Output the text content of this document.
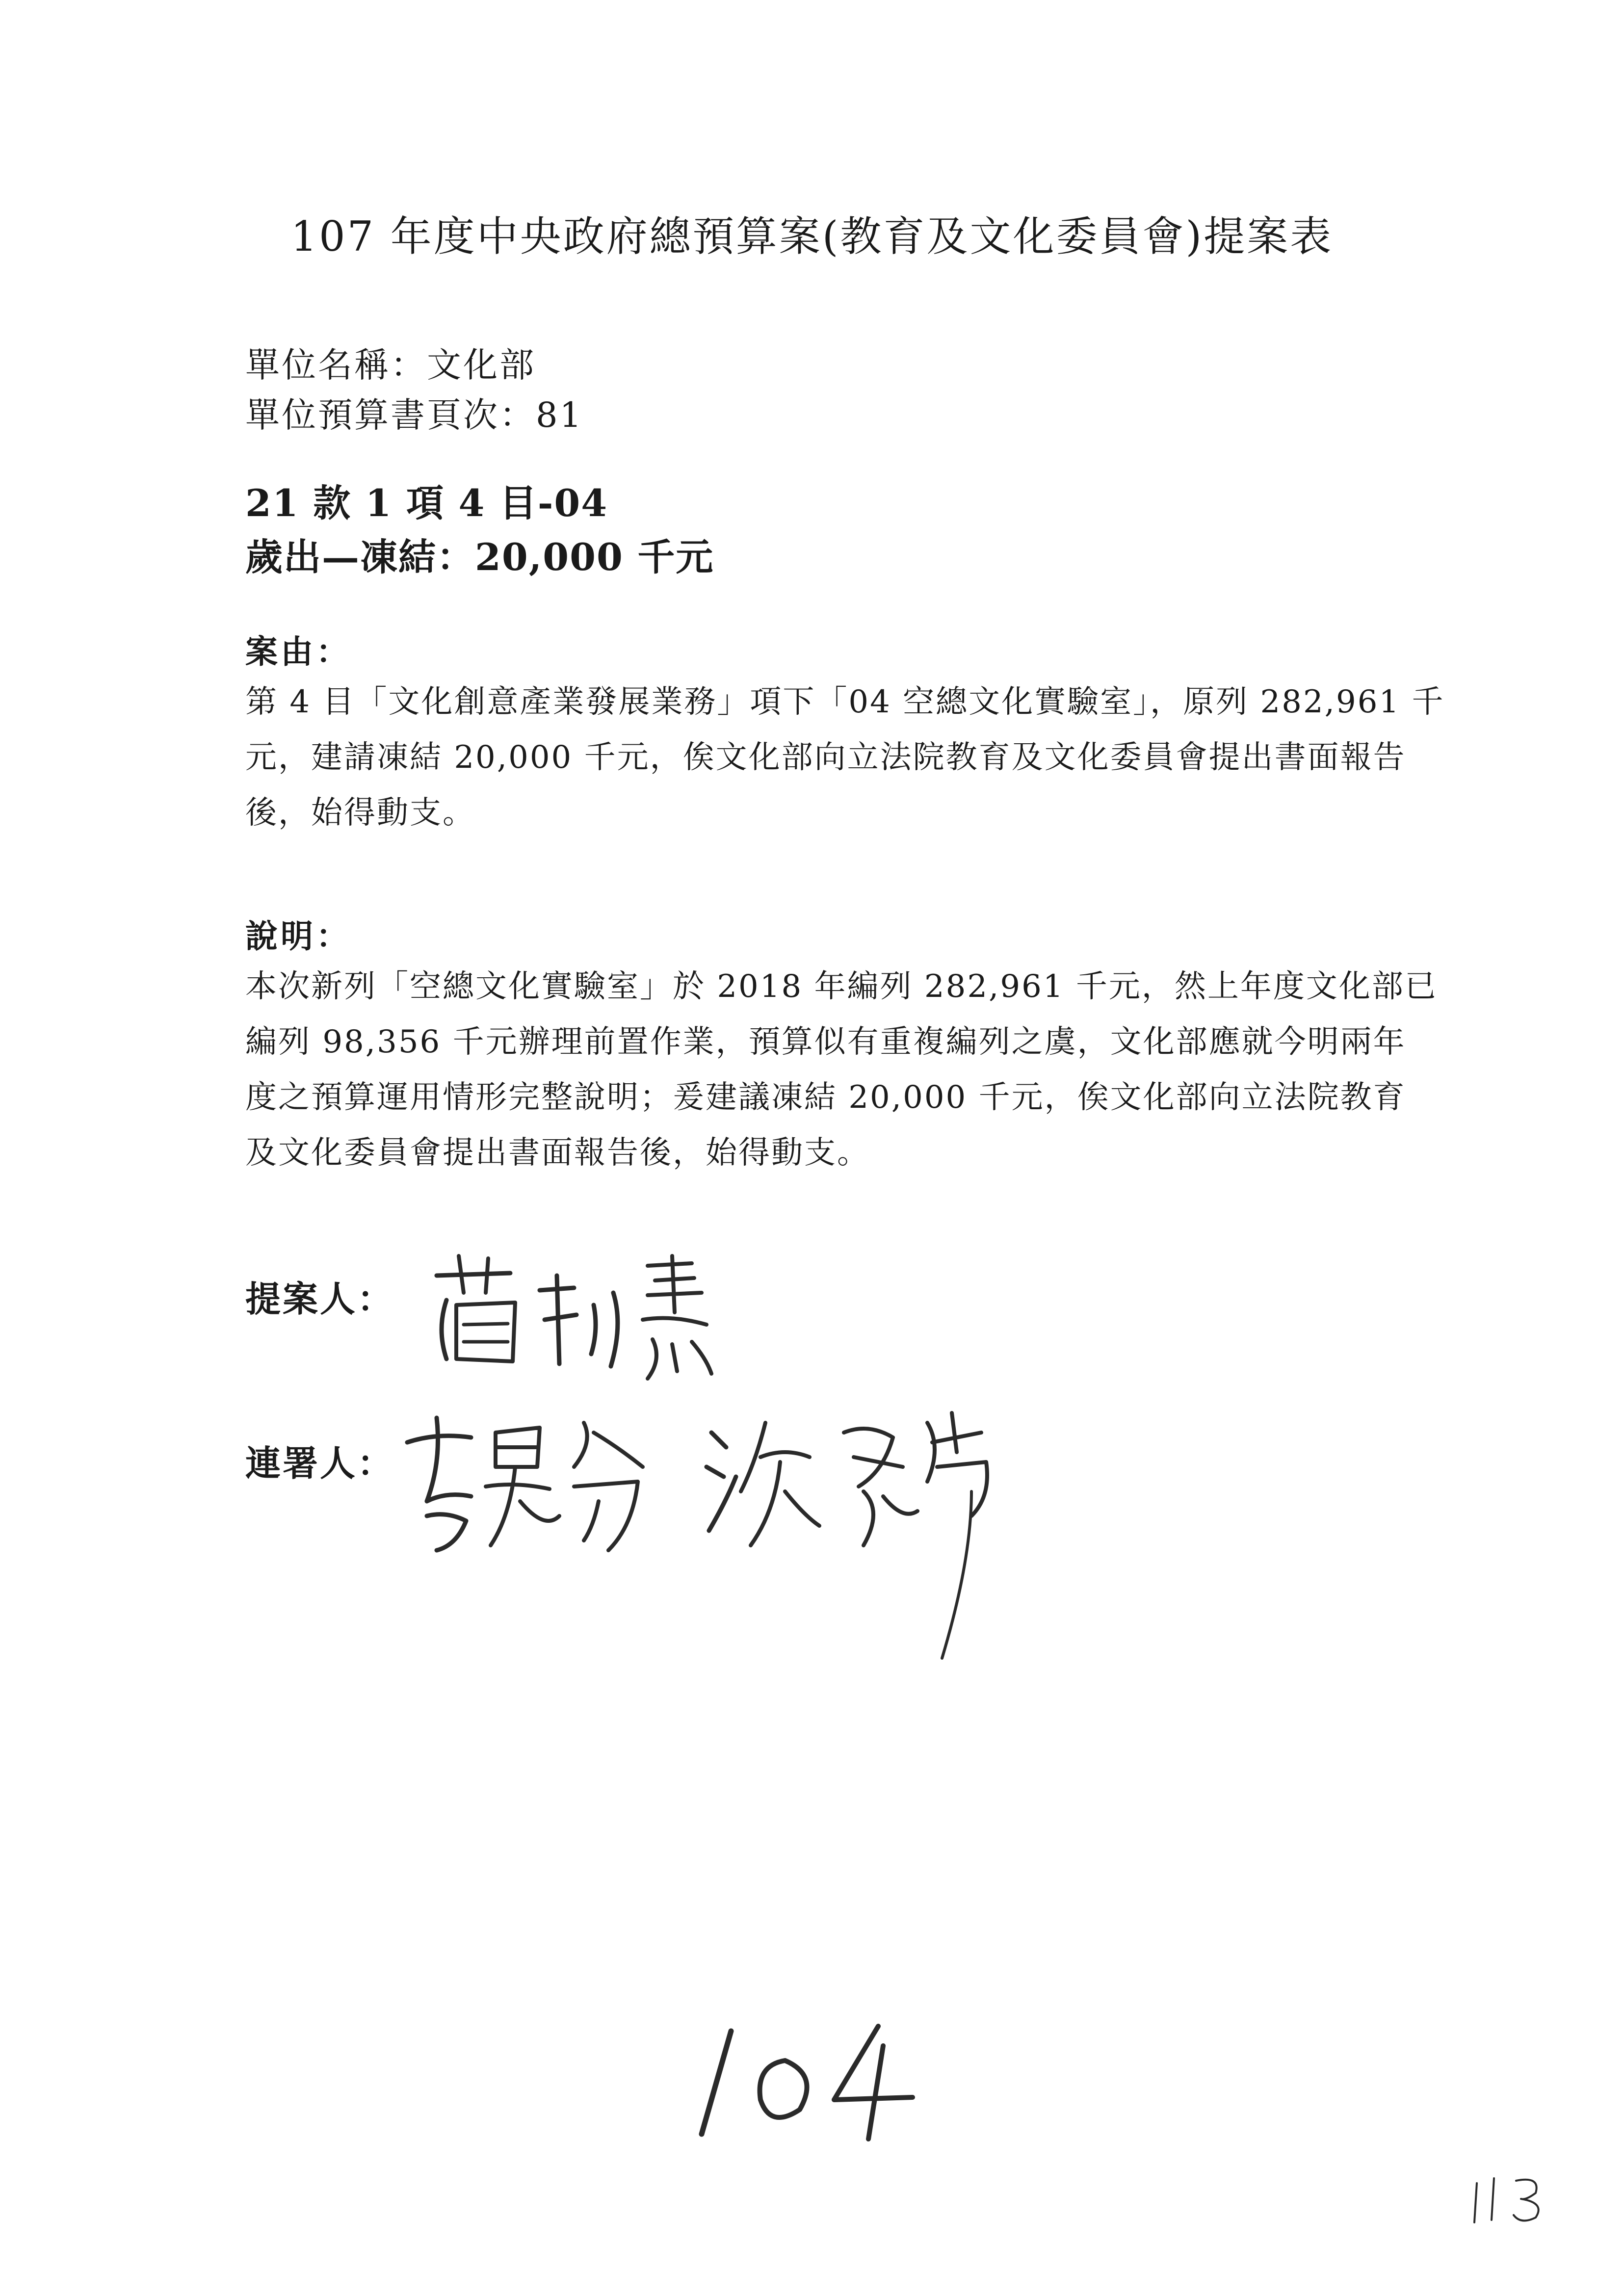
107 年度中央政府總預算案(教育及文化委員會)提案表
單位名稱：文化部
單位預算書頁次：81
21 款 1 項 4 目-04
歲出—凍結：20,000 千元
案由：
第 4 目「文化創意產業發展業務」項下「04 空總文化實驗室」，原列 282,961 千
元，建請凍結 20,000 千元，俟文化部向立法院教育及文化委員會提出書面報告
後，始得動支。
說明：
本次新列「空總文化實驗室」於 2018 年編列 282,961 千元，然上年度文化部已
編列 98,356 千元辦理前置作業，預算似有重複編列之虞，文化部應就今明兩年
度之預算運用情形完整說明；爰建議凍結 20,000 千元，俟文化部向立法院教育
及文化委員會提出書面報告後，始得動支。
提案人：
連署人：
